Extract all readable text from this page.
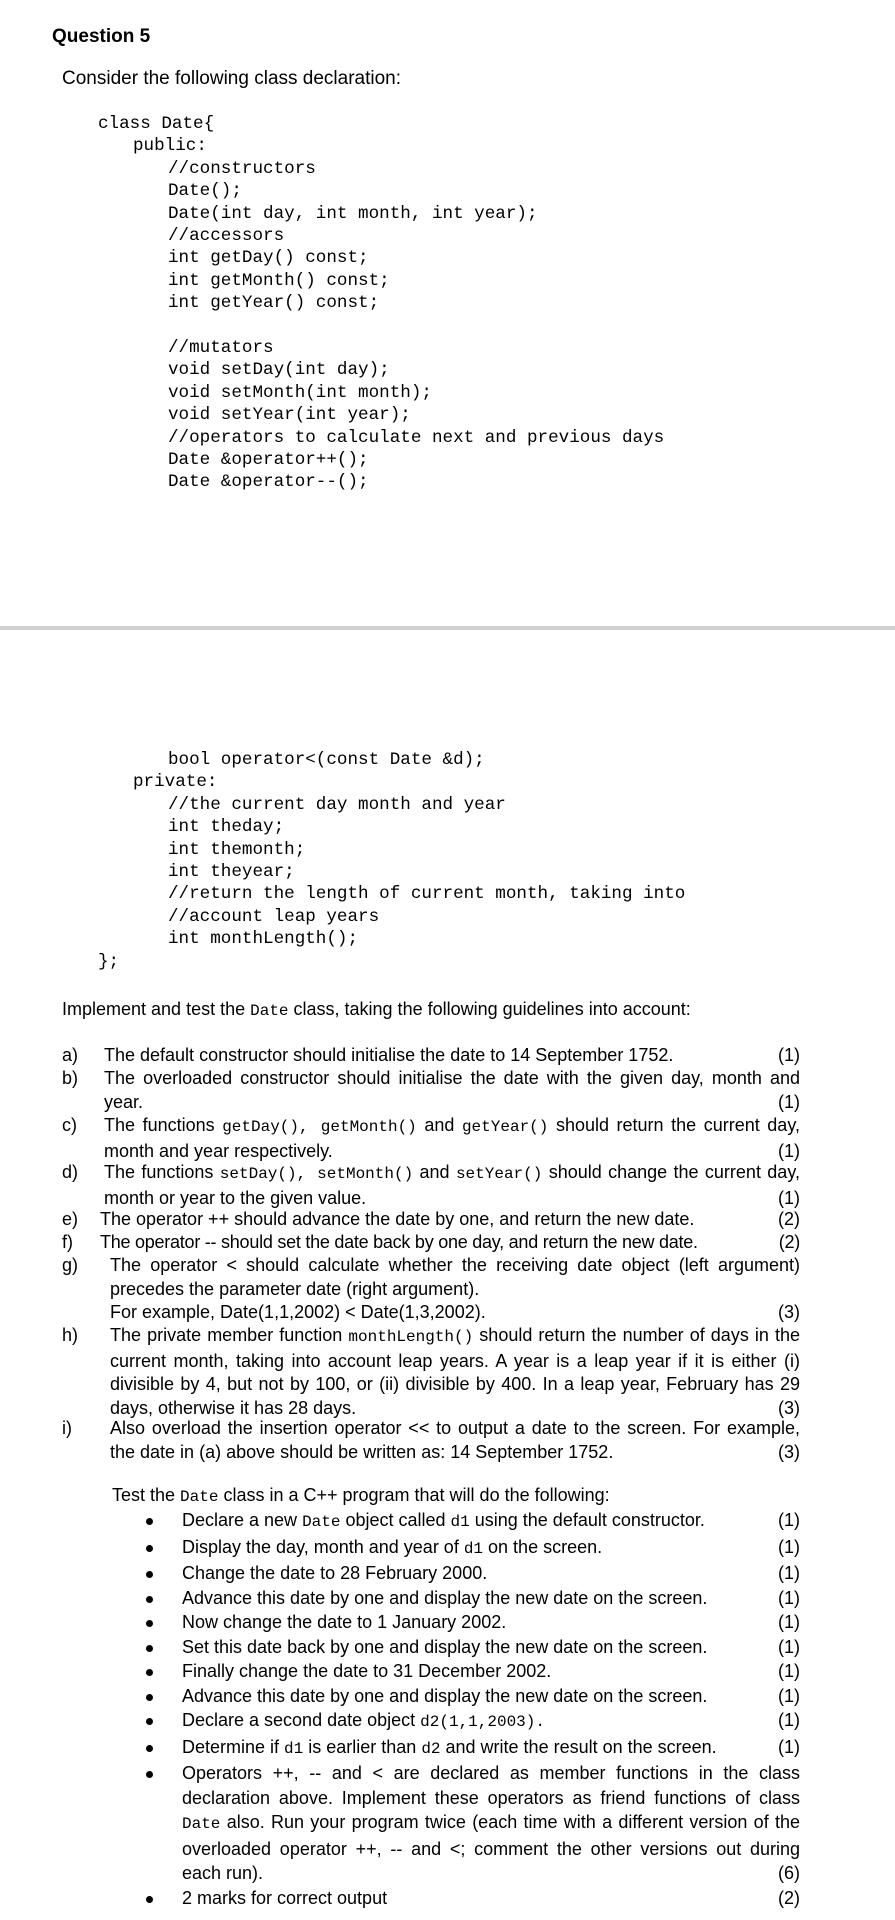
Question 5
Consider the following class declaration:
class Date{
public:
//constructors
Date();
Date(int day, int month, int year);
//accessors
int getDay() const;
int getMonth() const;
int getYear() const;
//mutators
void setDay(int day);
void setMonth(int month);
void setYear(int year);
//operators to calculate next and previous days
Date &operator++();
Date &operator--();
bool operator<(const Date &d);
private:
//the current day month and year
int theday;
int themonth;
int theyear;
//return the length of current month, taking into
//account leap years
int monthLength();
};
Implement and test the Date class, taking the following guidelines into account:
a) The default constructor should initialise the date to 14 September 1752.	(1)
b) The overloaded constructor should initialise the date with the given day, month and year.	(1)
c) The functions getDay(), getMonth() and getYear() should return the current day, month and year respectively.	(1)
d) The functions setDay(), setMonth() and setYear() should change the current day, month or year to the given value.	(1)
e) The operator ++ should advance the date by one, and return the new date.	(2)
f) The operator -- should set the date back by one day, and return the new date.	(2)
g) The operator < should calculate whether the receiving date object (left argument) precedes the parameter date (right argument).
For example, Date(1,1,2002) < Date(1,3,2002).	(3)
h) The private member function monthLength() should return the number of days in the current month, taking into account leap years. A year is a leap year if it is either (i) divisible by 4, but not by 100, or (ii) divisible by 400. In a leap year, February has 29 days, otherwise it has 28 days.	(3)
i) Also overload the insertion operator << to output a date to the screen. For example, the date in (a) above should be written as: 14 September 1752.	(3)
Test the Date class in a C++ program that will do the following:
Declare a new Date object called d1 using the default constructor.	(1)
Display the day, month and year of d1 on the screen.	(1)
Change the date to 28 February 2000.	(1)
Advance this date by one and display the new date on the screen.	(1)
Now change the date to 1 January 2002.	(1)
Set this date back by one and display the new date on the screen.	(1)
Finally change the date to 31 December 2002.	(1)
Advance this date by one and display the new date on the screen.	(1)
Declare a second date object d2(1,1,2003).	(1)
Determine if d1 is earlier than d2 and write the result on the screen.	(1)
Operators ++, -- and < are declared as member functions in the class declaration above. Implement these operators as friend functions of class Date also. Run your program twice (each time with a different version of the overloaded operator ++, -- and <; comment the other versions out during each run).	(6)
2 marks for correct output	(2)
